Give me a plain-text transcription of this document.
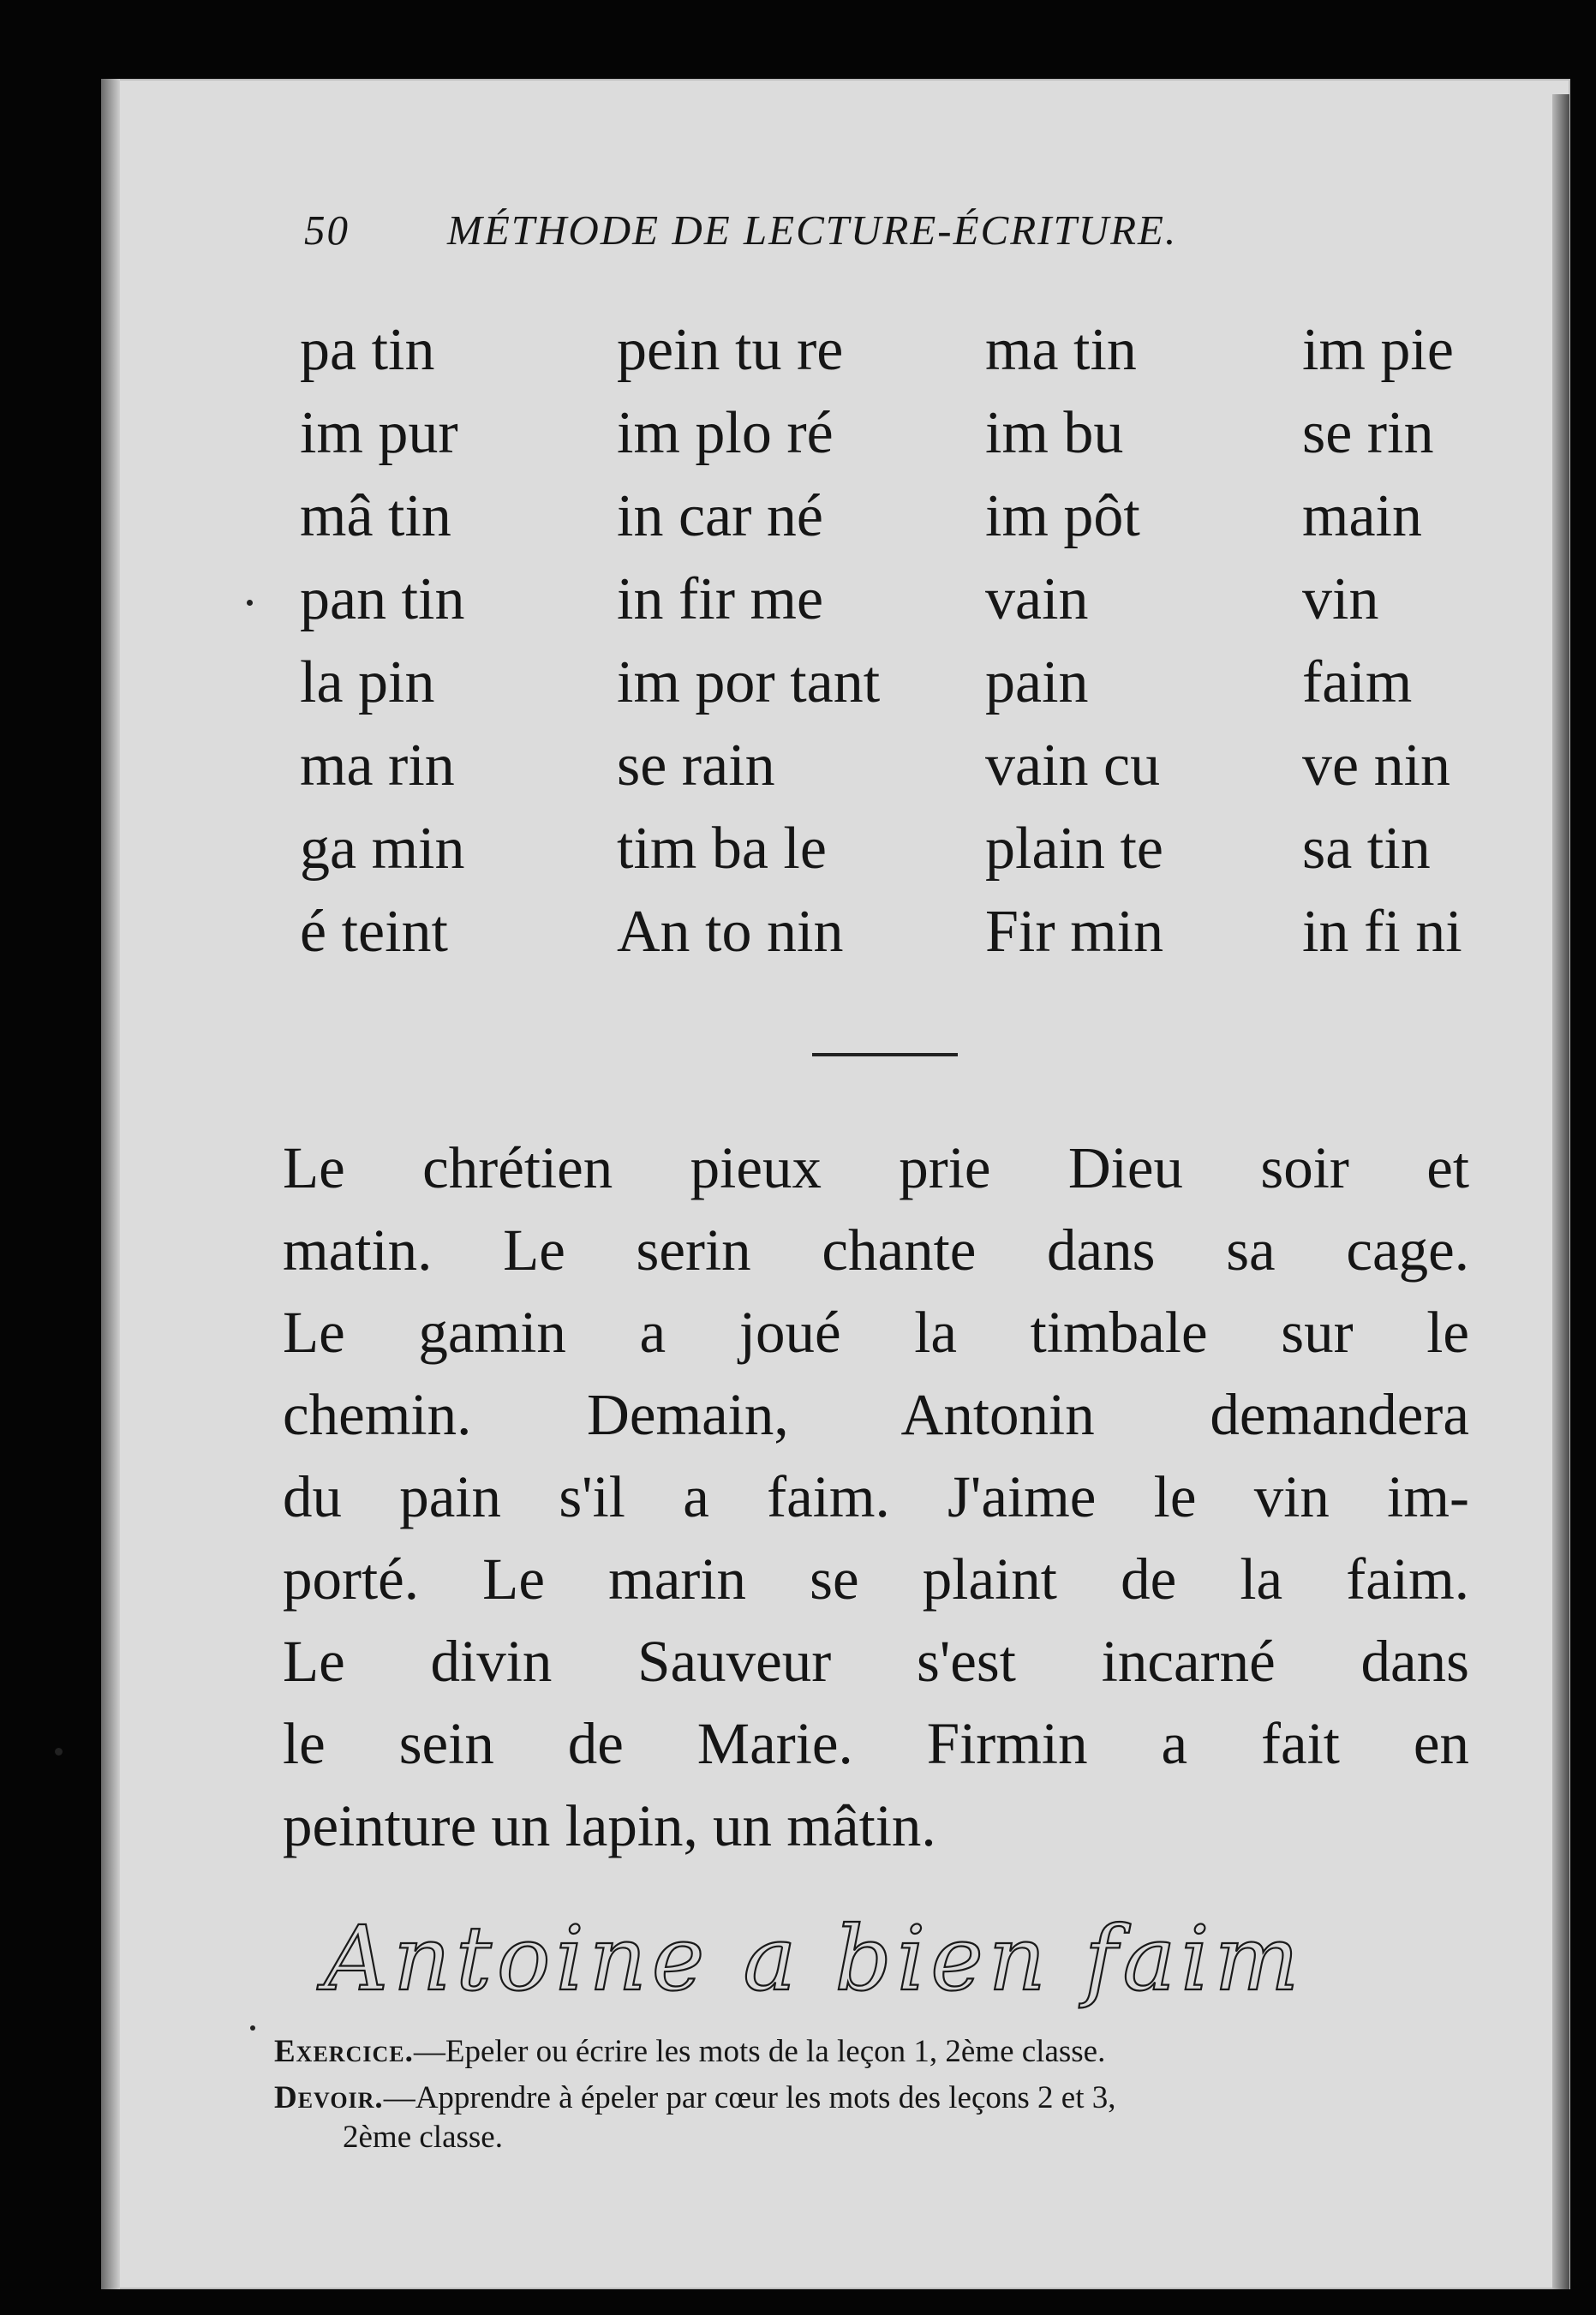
50 MÉTHODE DE LECTURE-ÉCRITURE.
pa tin
im pur
mâ tin
pan tin
la pin
ma rin
ga min
é teint
pein tu re
im plo ré
in car né
in fir me
im por tant
se rain
tim ba le
An to nin
ma tin
im bu
im pôt
vain
pain
vain cu
plain te
Fir min
im pie
se rin
main
vin
faim
ve nin
sa tin
in fi ni
Le chrétien pieux prie Dieu soir et
matin. Le serin chante dans sa cage.
Le gamin a joué la timbale sur le
chemin. Demain, Antonin demandera
du pain s'il a faim. J'aime le vin im-
porté. Le marin se plaint de la faim.
Le divin Sauveur s'est incarné dans
le sein de Marie. Firmin a fait en
peinture un lapin, un mâtin.
Antoine a bien faim
Exercice.—Epeler ou écrire les mots de la leçon 1, 2ème classe.
Devoir.—Apprendre à épeler par cœur les mots des leçons 2 et 3,
2ème classe.
